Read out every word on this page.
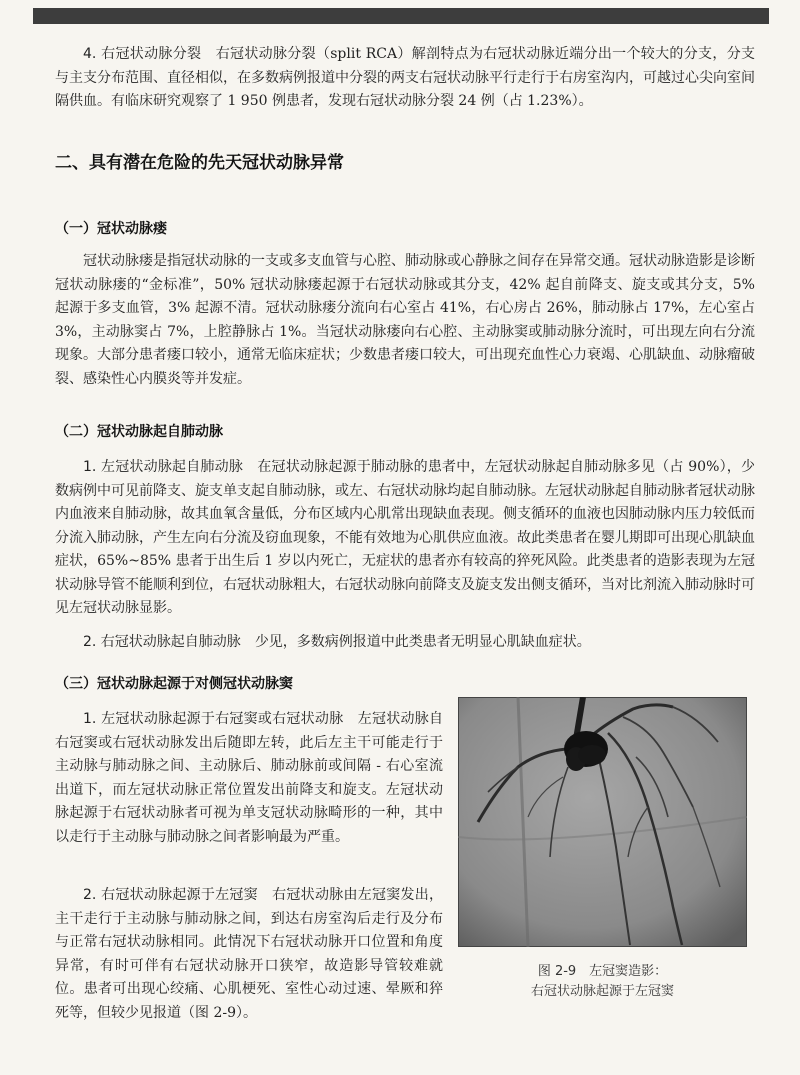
4. 右冠状动脉分裂　 右冠状动脉分裂（split RCA）解剖特点为右冠状动脉近端分出一个较大的分支，分支与主支分布范围、直径相似，在多数病例报道中分裂的两支右冠状动脉平行走行于右房室沟内，可越过心尖向室间隔供血。有临床研究观察了 1 950 例患者，发现右冠状动脉分裂 24 例（占 1.23%）。

二、具有潜在危险的先天冠状动脉异常
（一）冠状动脉瘘

冠状动脉瘘是指冠状动脉的一支或多支血管与心腔、肺动脉或心静脉之间存在异常交通。冠状动脉造影是诊断冠状动脉瘘的“金标准”，50% 冠状动脉瘘起源于右冠状动脉或其分支，42% 起自前降支、旋支或其分支，5% 起源于多支血管，3% 起源不清。冠状动脉瘘分流向右心室占 41%，右心房占 26%，肺动脉占 17%，左心室占 3%，主动脉窦占 7%，上腔静脉占 1%。当冠状动脉瘘向右心腔、主动脉窦或肺动脉分流时，可出现左向右分流现象。大部分患者瘘口较小，通常无临床症状；少数患者瘘口较大，可出现充血性心力衰竭、心肌缺血、动脉瘤破裂、感染性心内膜炎等并发症。

（二）冠状动脉起自肺动脉

1. 左冠状动脉起自肺动脉　 在冠状动脉起源于肺动脉的患者中，左冠状动脉起自肺动脉多见（占 90%），少数病例中可见前降支、旋支单支起自肺动脉，或左、右冠状动脉均起自肺动脉。左冠状动脉起自肺动脉者冠状动脉内血液来自肺动脉，故其血氧含量低，分布区域内心肌常出现缺血表现。侧支循环的血液也因肺动脉内压力较低而分流入肺动脉，产生左向右分流及窃血现象，不能有效地为心肌供应血液。故此类患者在婴儿期即可出现心肌缺血症状，65%~85% 患者于出生后 1 岁以内死亡，无症状的患者亦有较高的猝死风险。此类患者的造影表现为左冠状动脉导管不能顺利到位，右冠状动脉粗大，右冠状动脉向前降支及旋支发出侧支循环，当对比剂流入肺动脉时可见左冠状动脉显影。

2. 右冠状动脉起自肺动脉　 少见，多数病例报道中此类患者无明显心肌缺血症状。

（三）冠状动脉起源于对侧冠状动脉窦

1. 左冠状动脉起源于右冠窦或右冠状动脉　 左冠状动脉自右冠窦或右冠状动脉发出后随即左转，此后左主干可能走行于主动脉与肺动脉之间、主动脉后、肺动脉前或间隔 - 右心室流出道下，而左冠状动脉正常位置发出前降支和旋支。左冠状动脉起源于右冠状动脉者可视为单支冠状动脉畸形的一种，其中以走行于主动脉与肺动脉之间者影响最为严重。

2. 右冠状动脉起源于左冠窦　 右冠状动脉由左冠窦发出，主干走行于主动脉与肺动脉之间，到达右房室沟后走行及分布与正常右冠状动脉相同。此情况下右冠状动脉开口位置和角度异常，有时可伴有右冠状动脉开口狭窄，故造影导管较难就位。患者可出现心绞痛、心肌梗死、室性心动过速、晕厥和猝死等，但较少见报道（图 2-9）。

图 2-9　左冠窦造影：

右冠状动脉起源于左冠窦
